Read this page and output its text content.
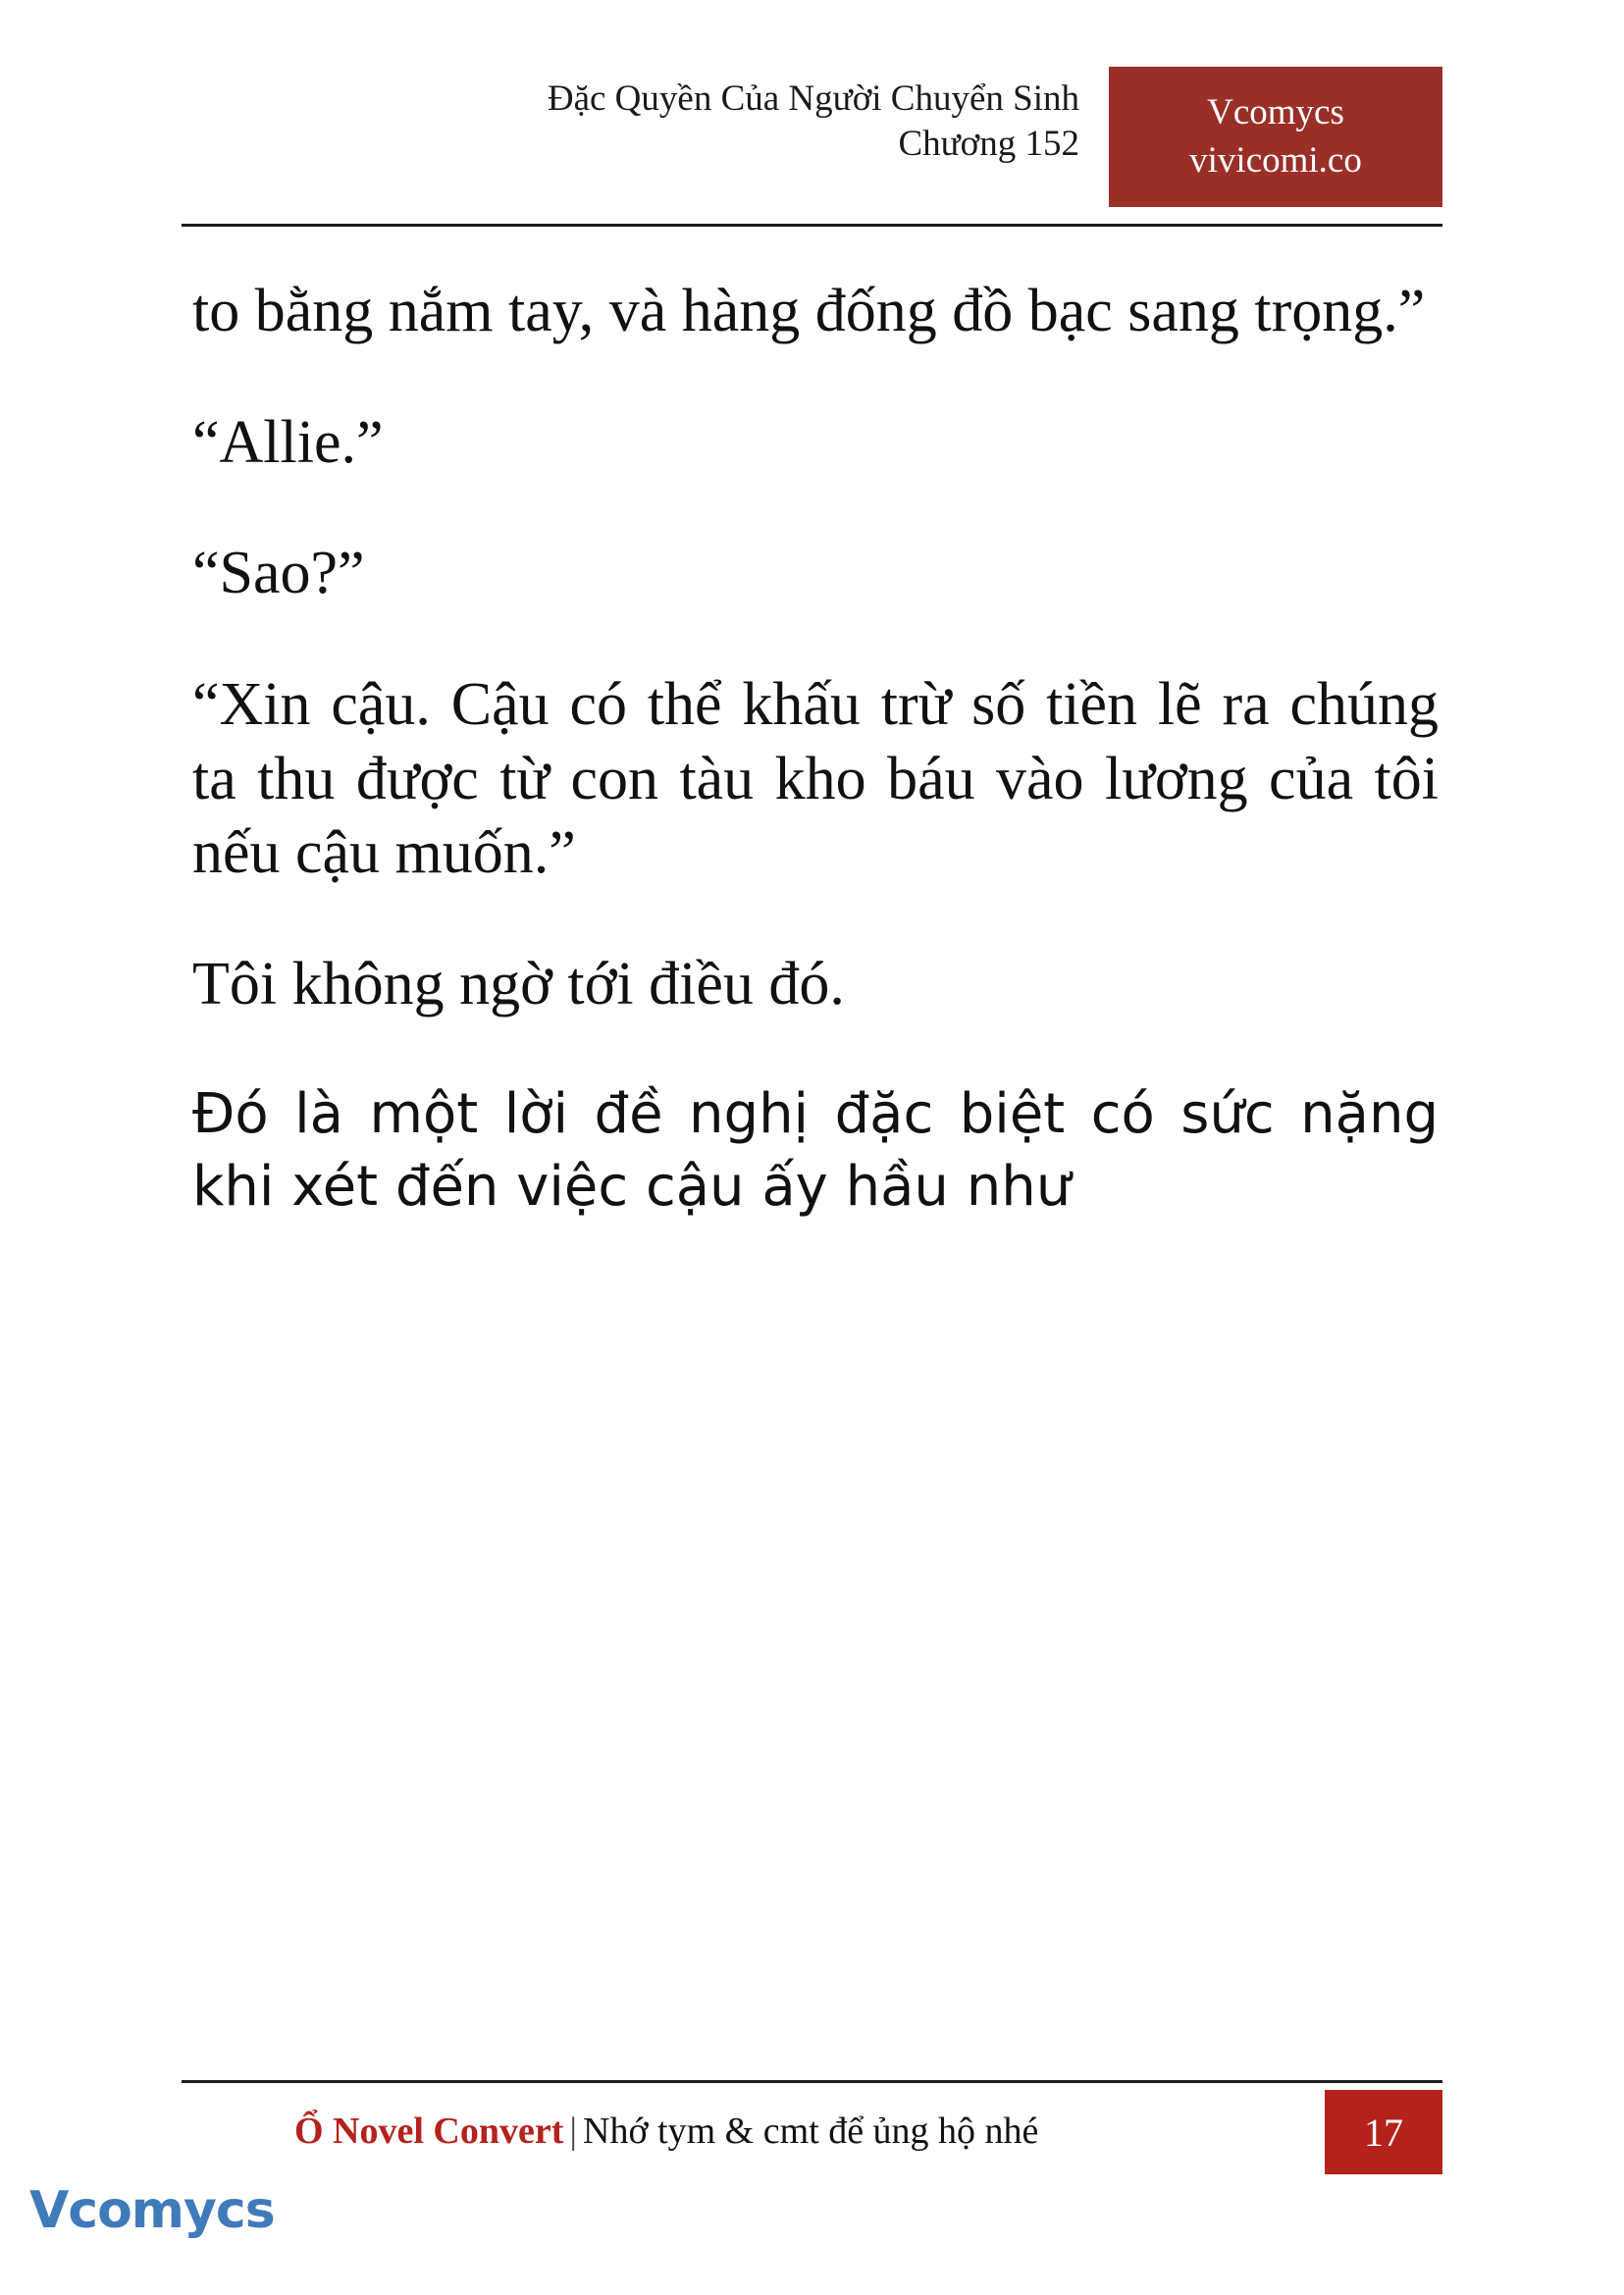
Đặc Quyền Của Người Chuyển Sinh
Chương 152
Vcomycs
vivicomi.co

to bằng nắm tay, và hàng đống đồ bạc sang trọng.”

“Allie.”

“Sao?”

“Xin cậu. Cậu có thể khấu trừ số tiền lẽ ra chúng ta thu được từ con tàu kho báu vào lương của tôi nếu cậu muốn.”

Tôi không ngờ tới điều đó.

Đó là một lời đề nghị đặc biệt có sức nặng khi xét đến việc cậu ấy hầu như

Ổ Novel Convert | Nhớ tym & cmt để ủng hộ nhé	17
Vcomycs
